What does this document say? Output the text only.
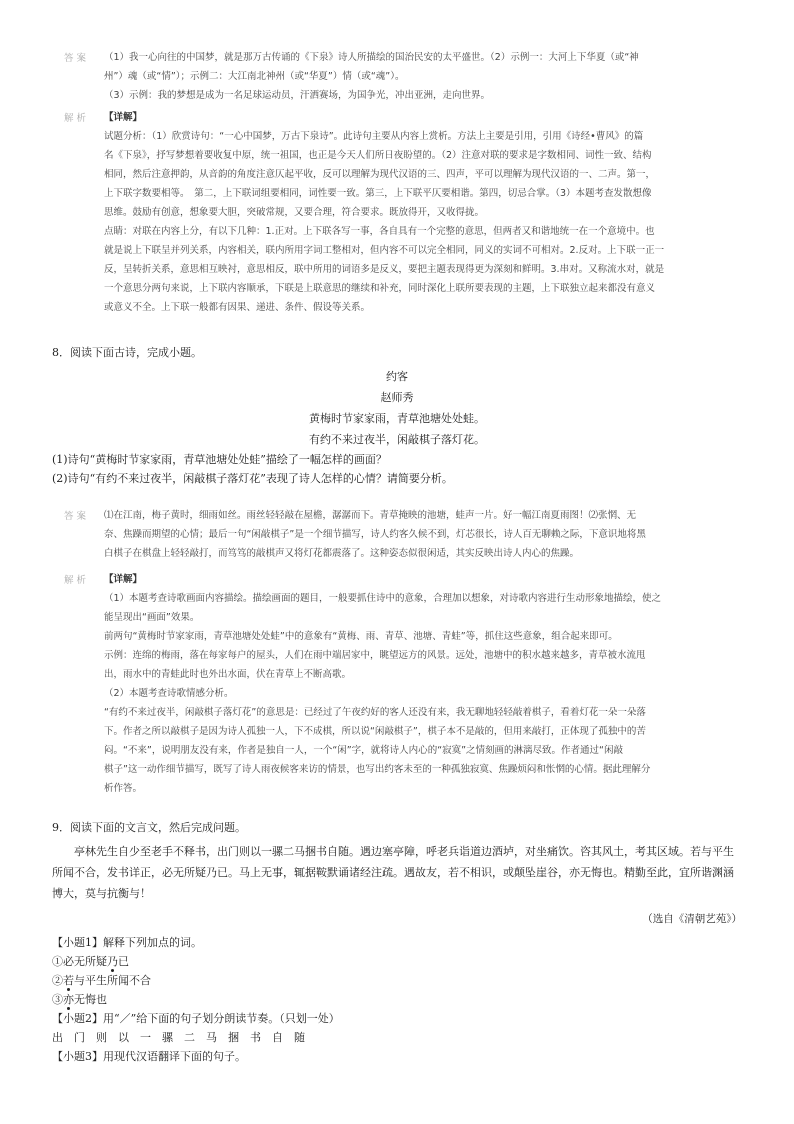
答案	（1）我一心向往的中国梦，就是那万古传诵的《下泉》诗人所描绘的国治民安的太平盛世。（2）示例一：大河上下华夏（或“神

州”）魂（或“情”）；示例二：大江南北神州（或“华夏”）情（或“魂”）。

（3）示例：我的梦想是成为一名足球运动员，汗洒赛场，为国争光，冲出亚洲，走向世界。

解析	【详解】

试题分析：（1）欣赏诗句：“一心中国梦，万古下泉诗”。此诗句主要从内容上赏析。方法上主要是引用，引用《诗经•曹风》的篇

名《下泉》，抒写梦想着要收复中原，统一祖国，也正是今天人们所日夜盼望的。（2）注意对联的要求是字数相同、词性一致、结构

相同，然后注意押韵，从音韵的角度注意仄起平收，反可以理解为现代汉语的三、四声，平可以理解为现代汉语的一、二声。第一，

上下联字数要相等。　第二，上下联词组要相同，词性要一致。第三，上下联平仄要相谐。第四，切忌合掌。（3）本题考查发散想像

思维。鼓励有创意，想象要大胆，突破常规，又要合理，符合要求。既放得开，又收得拢。

点睛：对联在内容上分，有以下几种：1.正对。上下联各写一事，各自具有一个完整的意思，但两者又和谐地统一在一个意境中。也

就是说上下联呈并列关系，内容相关，联内所用字词工整相对，但内容不可以完全相同，同义的实词不可相对。2.反对。上下联一正一

反，呈转折关系，意思相互映衬，意思相反，联中所用的词语多是反义，要把主题表现得更为深刻和鲜明。3.串对。又称流水对，就是

一个意思分两句来说，上下联内容顺承，下联是上联意思的继续和补充，同时深化上联所要表现的主题，上下联独立起来都没有意义

或意义不全。上下联一般都有因果、递进、条件、假设等关系。

8．阅读下面古诗，完成小题。

约客
赵师秀
黄梅时节家家雨，青草池塘处处蛙。
有约不来过夜半，闲敲棋子落灯花。

(1)诗句“黄梅时节家家雨，青草池塘处处蛙”描绘了一幅怎样的画面？

(2)诗句“有约不来过夜半，闲敲棋子落灯花”表现了诗人怎样的心情？请简要分析。

答案	⑴在江南，梅子黄时，细雨如丝。雨丝轻轻敲在屋檐，潺潺而下。青草掩映的池塘，蛙声一片。好一幅江南夏雨图！⑵张惘、无

奈、焦躁而期望的心情；最后一句“闲敲棋子”是一个细节描写，诗人约客久候不到，灯芯很长，诗人百无聊赖之际，下意识地将黑

白棋子在棋盘上轻轻敲打，而笃笃的敲棋声又将灯花都震落了。这种姿态似很闲适，其实反映出诗人内心的焦躁。

解析	【详解】

（1）本题考查诗歌画面内容描绘。描绘画面的题目，一般要抓住诗中的意象，合理加以想象，对诗歌内容进行生动形象地描绘，使之

能呈现出“画面”效果。

前两句“黄梅时节家家雨，青草池塘处处蛙”中的意象有“黄梅、雨、青草、池塘、青蛙”等，抓住这些意象，组合起来即可。

示例：连绵的梅雨，落在每家每户的屋头，人们在雨中端居家中，眺望远方的风景。远处，池塘中的积水越来越多，青草被水流甩

出，雨水中的青蛙此时也外出水面，伏在青草上不断高歌。

（2）本题考查诗歌情感分析。

“有约不来过夜半，闲敲棋子落灯花”的意思是：已经过了午夜约好的客人还没有来，我无聊地轻轻敲着棋子，看着灯花一朵一朵落

下。作者之所以敲棋子是因为诗人孤独一人，下不成棋，所以说“闲敲棋子”，棋子本不是敲的，但用来敲打，正体现了孤独中的苦

闷。“不来”，说明朋友没有来，作者是独自一人，一个“闲”字，就将诗人内心的“寂寞”之情刻画的淋漓尽致。作者通过“闲敲

棋子”这一动作细节描写，既写了诗人雨夜候客来访的情景，也写出约客未至的一种孤独寂寞、焦躁烦闷和怅惘的心情。据此理解分

析作答。

9．阅读下面的文言文，然后完成问题。

亭林先生自少至老手不释书，出门则以一骡二马捆书自随。遇边塞亭障，呼老兵诣道边酒垆，对坐痛饮。咨其风土，考其区域。若与平生所闻不合，发书详正，必无所疑乃已。马上无事，辄据鞍默诵诸经注疏。遇故友，若不相识，或颠坠崖谷，亦无悔也。精勤至此，宜所谐渊涵博大，莫与抗衡与！
（选自《清朝艺苑》）

【小题1】解释下列加点的词。

①必无所疑乃已

②若与平生所闻不合

③亦无悔也

【小题2】用“／”给下面的句子划分朗读节奏。（只划一处）

出门则以一骡二马捆书自随

【小题3】用现代汉语翻译下面的句子。
